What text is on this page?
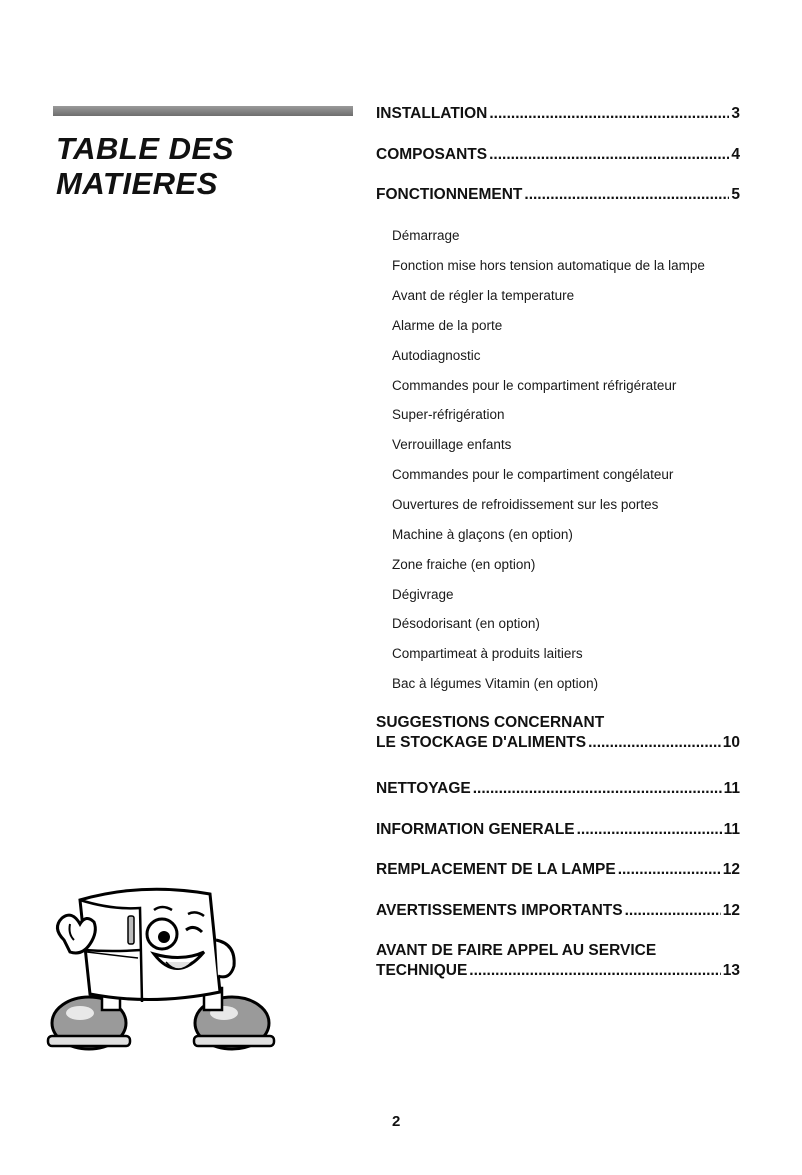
TABLE DES
MATIERES
INSTALLATION .....	3
COMPOSANTS .....	4
FONCTIONNEMENT .....	5
Démarrage
Fonction mise hors tension automatique de la lampe
Avant de régler la temperature
Alarme de la porte
Autodiagnostic
Commandes pour le compartiment réfrigérateur
Super-réfrigération
Verrouillage enfants
Commandes pour le compartiment congélateur
Ouvertures de refroidissement sur les portes
Machine à glaçons (en option)
Zone fraiche (en option)
Dégivrage
Désodorisant (en option)
Compartimeat à produits laitiers
Bac à légumes Vitamin (en option)
SUGGESTIONS CONCERNANT
LE STOCKAGE D'ALIMENTS .....	10
NETTOYAGE .....	11
INFORMATION GENERALE .....	11
REMPLACEMENT DE LA LAMPE .....	12
AVERTISSEMENTS IMPORTANTS .....	12
AVANT DE FAIRE APPEL AU SERVICE
TECHNIQUE .....	13
2
